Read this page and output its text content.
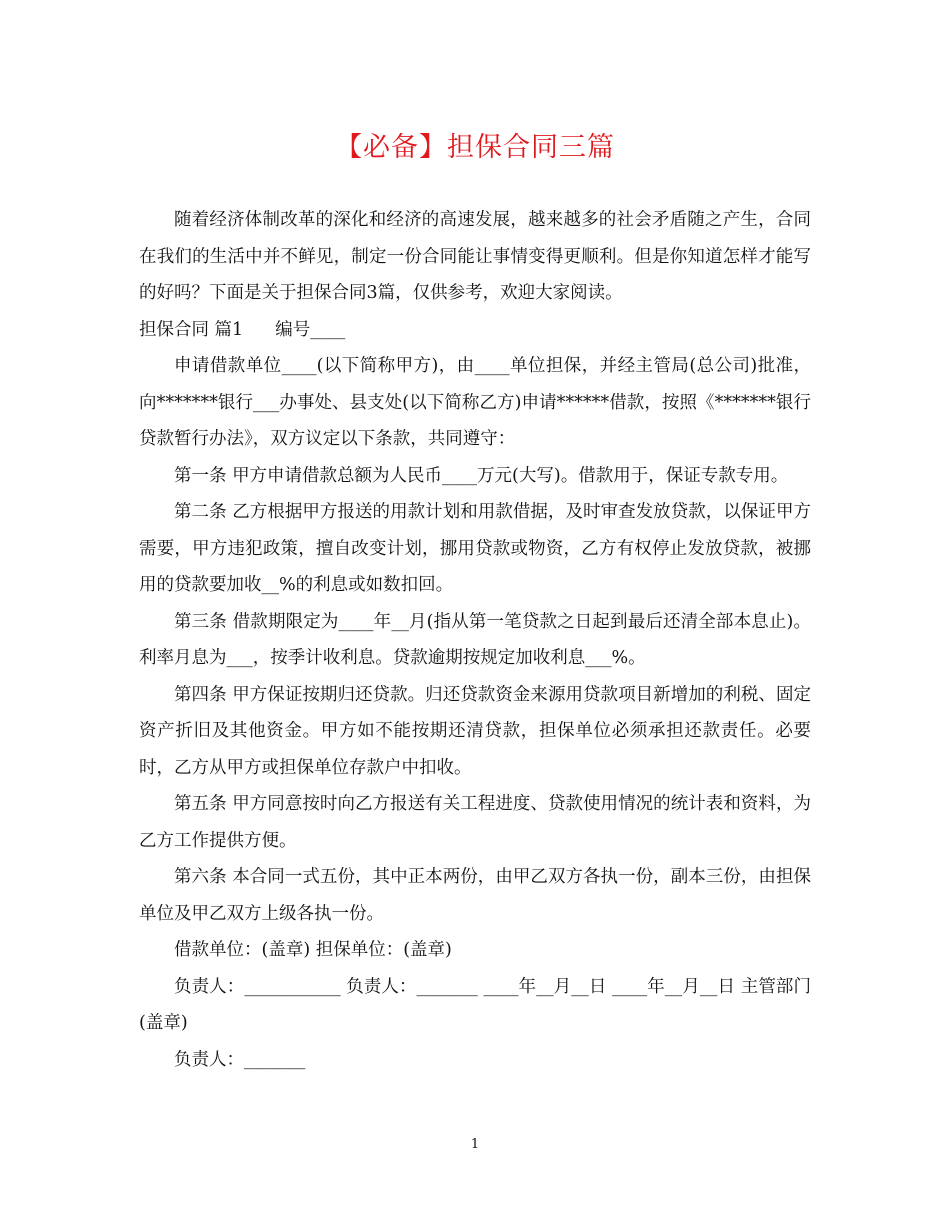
【必备】担保合同三篇

随着经济体制改革的深化和经济的高速发展，越来越多的社会矛盾随之产生，合同在我们的生活中并不鲜见，制定一份合同能让事情变得更顺利。但是你知道怎样才能写的好吗？下面是关于担保合同3篇，仅供参考，欢迎大家阅读。

担保合同 篇1 编号____

申请借款单位____(以下简称甲方)，由____单位担保，并经主管局(总公司)批准，向*******银行___办事处、县支处(以下简称乙方)申请******借款，按照《*******银行贷款暂行办法》，双方议定以下条款，共同遵守：

第一条 甲方申请借款总额为人民币____万元(大写)。借款用于，保证专款专用。

第二条 乙方根据甲方报送的用款计划和用款借据，及时审查发放贷款，以保证甲方需要，甲方违犯政策，擅自改变计划，挪用贷款或物资，乙方有权停止发放贷款，被挪用的贷款要加收__%的利息或如数扣回。

第三条 借款期限定为____年__月(指从第一笔贷款之日起到最后还清全部本息止)。利率月息为___，按季计收利息。贷款逾期按规定加收利息___%。

第四条 甲方保证按期归还贷款。归还贷款资金来源用贷款项目新增加的利税、固定资产折旧及其他资金。甲方如不能按期还清贷款，担保单位必须承担还款责任。必要时，乙方从甲方或担保单位存款户中扣收。

第五条 甲方同意按时向乙方报送有关工程进度、贷款使用情况的统计表和资料，为乙方工作提供方便。

第六条 本合同一式五份，其中正本两份，由甲乙双方各执一份，副本三份，由担保单位及甲乙双方上级各执一份。

借款单位：(盖章) 担保单位：(盖章)

负责人：___________ 负责人：_______ ____年__月__日 ____年__月__日 主管部门(盖章)

负责人：_______

1
